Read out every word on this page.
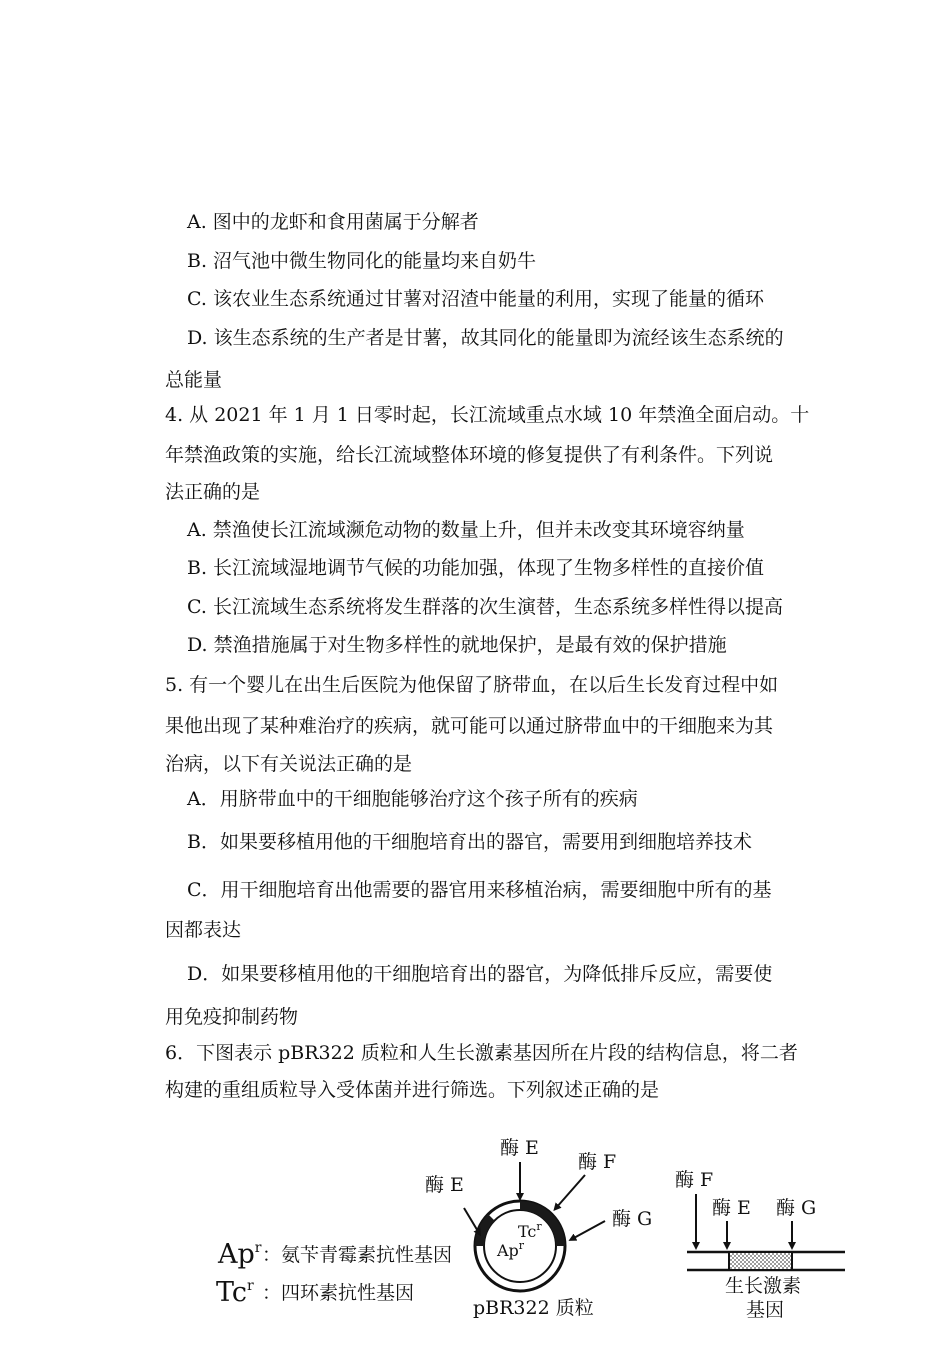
A. 图中的龙虾和食用菌属于分解者
B. 沼气池中微生物同化的能量均来自奶牛
C. 该农业生态系统通过甘薯对沼渣中能量的利用，实现了能量的循环
D. 该生态系统的生产者是甘薯，故其同化的能量即为流经该生态系统的
总能量
4. 从 2021 年 1 月 1 日零时起，长江流域重点水域 10 年禁渔全面启动。十
年禁渔政策的实施，给长江流域整体环境的修复提供了有利条件。下列说
法正确的是
A. 禁渔使长江流域濒危动物的数量上升，但并未改变其环境容纳量
B. 长江流域湿地调节气候的功能加强，体现了生物多样性的直接价值
C. 长江流域生态系统将发生群落的次生演替，生态系统多样性得以提高
D. 禁渔措施属于对生物多样性的就地保护，是最有效的保护措施
5. 有一个婴儿在出生后医院为他保留了脐带血，在以后生长发育过程中如
果他出现了某种难治疗的疾病，就可能可以通过脐带血中的干细胞来为其
治病，以下有关说法正确的是
A．用脐带血中的干细胞能够治疗这个孩子所有的疾病
B．如果要移植用他的干细胞培育出的器官，需要用到细胞培养技术
C．用干细胞培育出他需要的器官用来移植治病，需要细胞中所有的基
因都表达
D．如果要移植用他的干细胞培育出的器官，为降低排斥反应，需要使
用免疫抑制药物
6．下图表示 pBR322 质粒和人生长激素基因所在片段的结构信息，将二者
构建的重组质粒导入受体菌并进行筛选。下列叙述正确的是
Ap$^r$ ：氨苄青霉素抗性基因
Tc$^r$ ：四环素抗性基因
Tc$^r$
Ap$^r$
酶 E
酶 F
酶 E
酶 G
pBR322 质粒
酶 F
酶 E 酶 G
生长激素
基因
